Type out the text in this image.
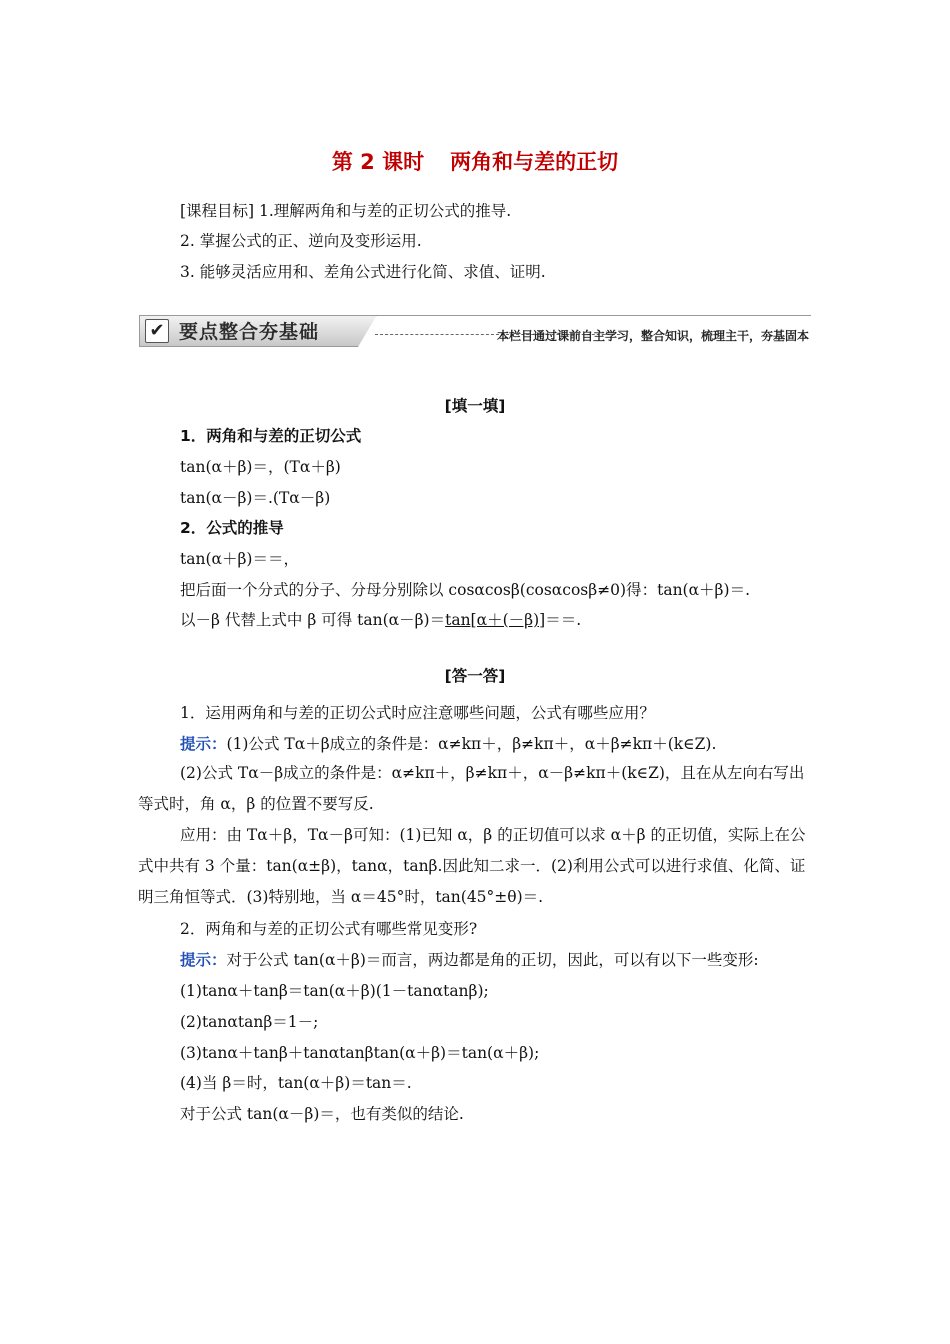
第 2 课时 两角和与差的正切
[课程目标] 1.理解两角和与差的正切公式的推导.
2. 掌握公式的正、逆向及变形运用.
3. 能够灵活应用和、差角公式进行化简、求值、证明.
✔ 要点整合夯基础	本栏目通过课前自主学习，整合知识，梳理主干，夯基固本
[填一填]
1．两角和与差的正切公式
tan(α＋β)＝，(Tα＋β)
tan(α－β)＝.(Tα－β)
2．公式的推导
tan(α＋β)＝＝，
把后面一个分式的分子、分母分别除以 cosαcosβ(cosαcosβ≠0)得：tan(α＋β)＝.
以－β 代替上式中 β 可得 tan(α－β)＝tan[α＋(－β)]＝＝.
[答一答]
1．运用两角和与差的正切公式时应注意哪些问题，公式有哪些应用？
提示：(1)公式 Tα＋β成立的条件是：α≠kπ＋，β≠kπ＋，α＋β≠kπ＋(k∈Z).
(2)公式 Tα－β成立的条件是：α≠kπ＋，β≠kπ＋，α－β≠kπ＋(k∈Z)，且在从左向右写出等式时，角 α，β 的位置不要写反.
应用：由 Tα＋β，Tα－β可知：(1)已知 α，β 的正切值可以求 α＋β 的正切值，实际上在公式中共有 3 个量：tan(α±β)，tanα，tanβ.因此知二求一．(2)利用公式可以进行求值、化简、证明三角恒等式．(3)特别地，当 α＝45°时，tan(45°±θ)＝.
2．两角和与差的正切公式有哪些常见变形?
提示：对于公式 tan(α＋β)＝而言，两边都是角的正切，因此，可以有以下一些变形:
(1)tanα＋tanβ＝tan(α＋β)(1－tanαtanβ);
(2)tanαtanβ＝1－;
(3)tanα＋tanβ＋tanαtanβtan(α＋β)＝tan(α＋β);
(4)当 β＝时，tan(α＋β)＝tan＝.
对于公式 tan(α－β)＝，也有类似的结论.
